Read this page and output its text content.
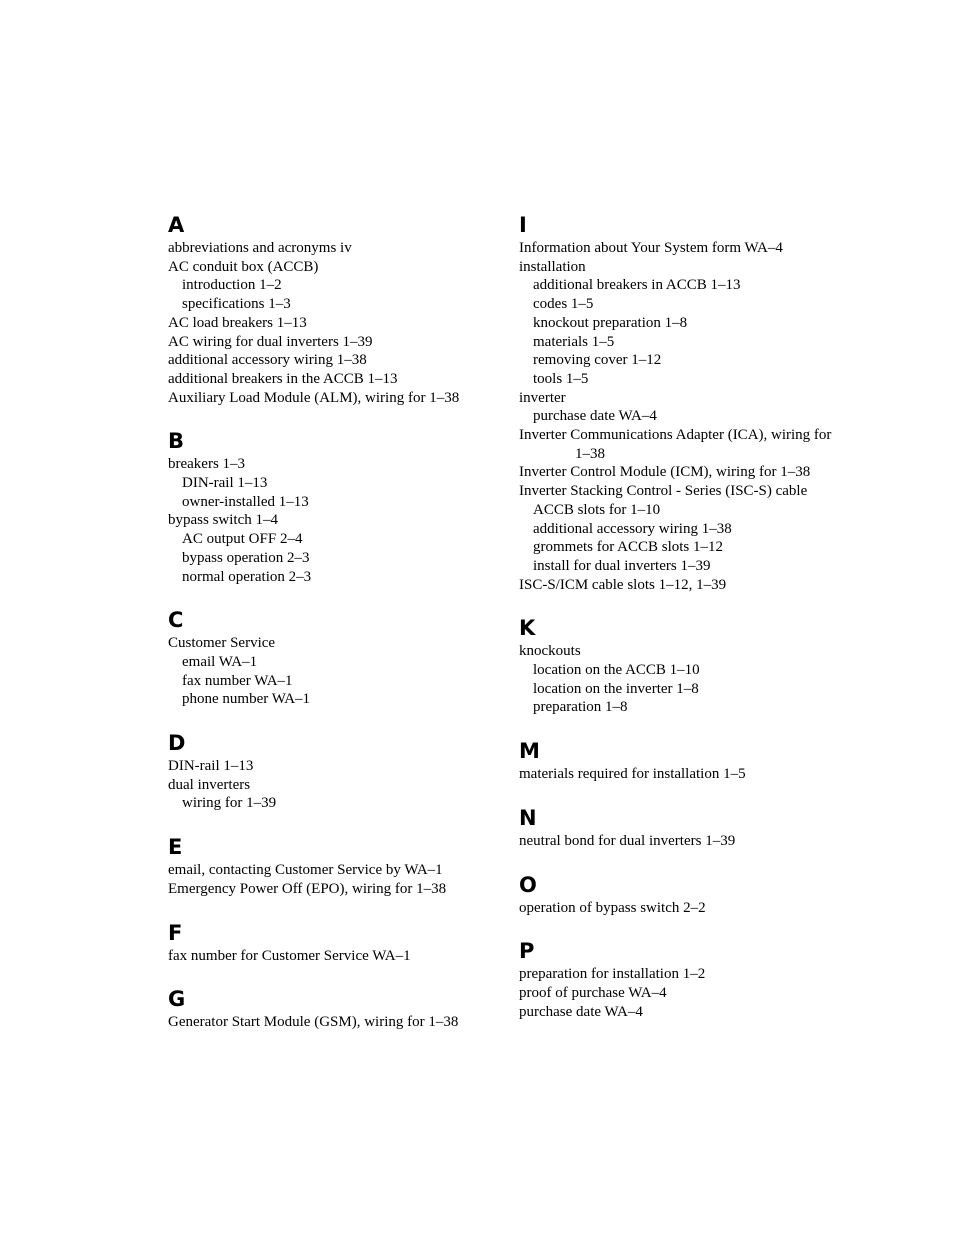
A
abbreviations and acronyms iv
AC conduit box (ACCB)
introduction 1–2
specifications 1–3
AC load breakers 1–13
AC wiring for dual inverters 1–39
additional accessory wiring 1–38
additional breakers in the ACCB 1–13
Auxiliary Load Module (ALM), wiring for 1–38
B
breakers 1–3
DIN-rail 1–13
owner-installed 1–13
bypass switch 1–4
AC output OFF 2–4
bypass operation 2–3
normal operation 2–3
C
Customer Service
email WA–1
fax number WA–1
phone number WA–1
D
DIN-rail 1–13
dual inverters
wiring for 1–39
E
email, contacting Customer Service by WA–1
Emergency Power Off (EPO), wiring for 1–38
F
fax number for Customer Service WA–1
G
Generator Start Module (GSM), wiring for 1–38
I
Information about Your System form WA–4
installation
additional breakers in ACCB 1–13
codes 1–5
knockout preparation 1–8
materials 1–5
removing cover 1–12
tools 1–5
inverter
purchase date WA–4
Inverter Communications Adapter (ICA), wiring for
1–38
Inverter Control Module (ICM), wiring for 1–38
Inverter Stacking Control - Series (ISC-S) cable
ACCB slots for 1–10
additional accessory wiring 1–38
grommets for ACCB slots 1–12
install for dual inverters 1–39
ISC-S/ICM cable slots 1–12, 1–39
K
knockouts
location on the ACCB 1–10
location on the inverter 1–8
preparation 1–8
M
materials required for installation 1–5
N
neutral bond for dual inverters 1–39
O
operation of bypass switch 2–2
P
preparation for installation 1–2
proof of purchase WA–4
purchase date WA–4
